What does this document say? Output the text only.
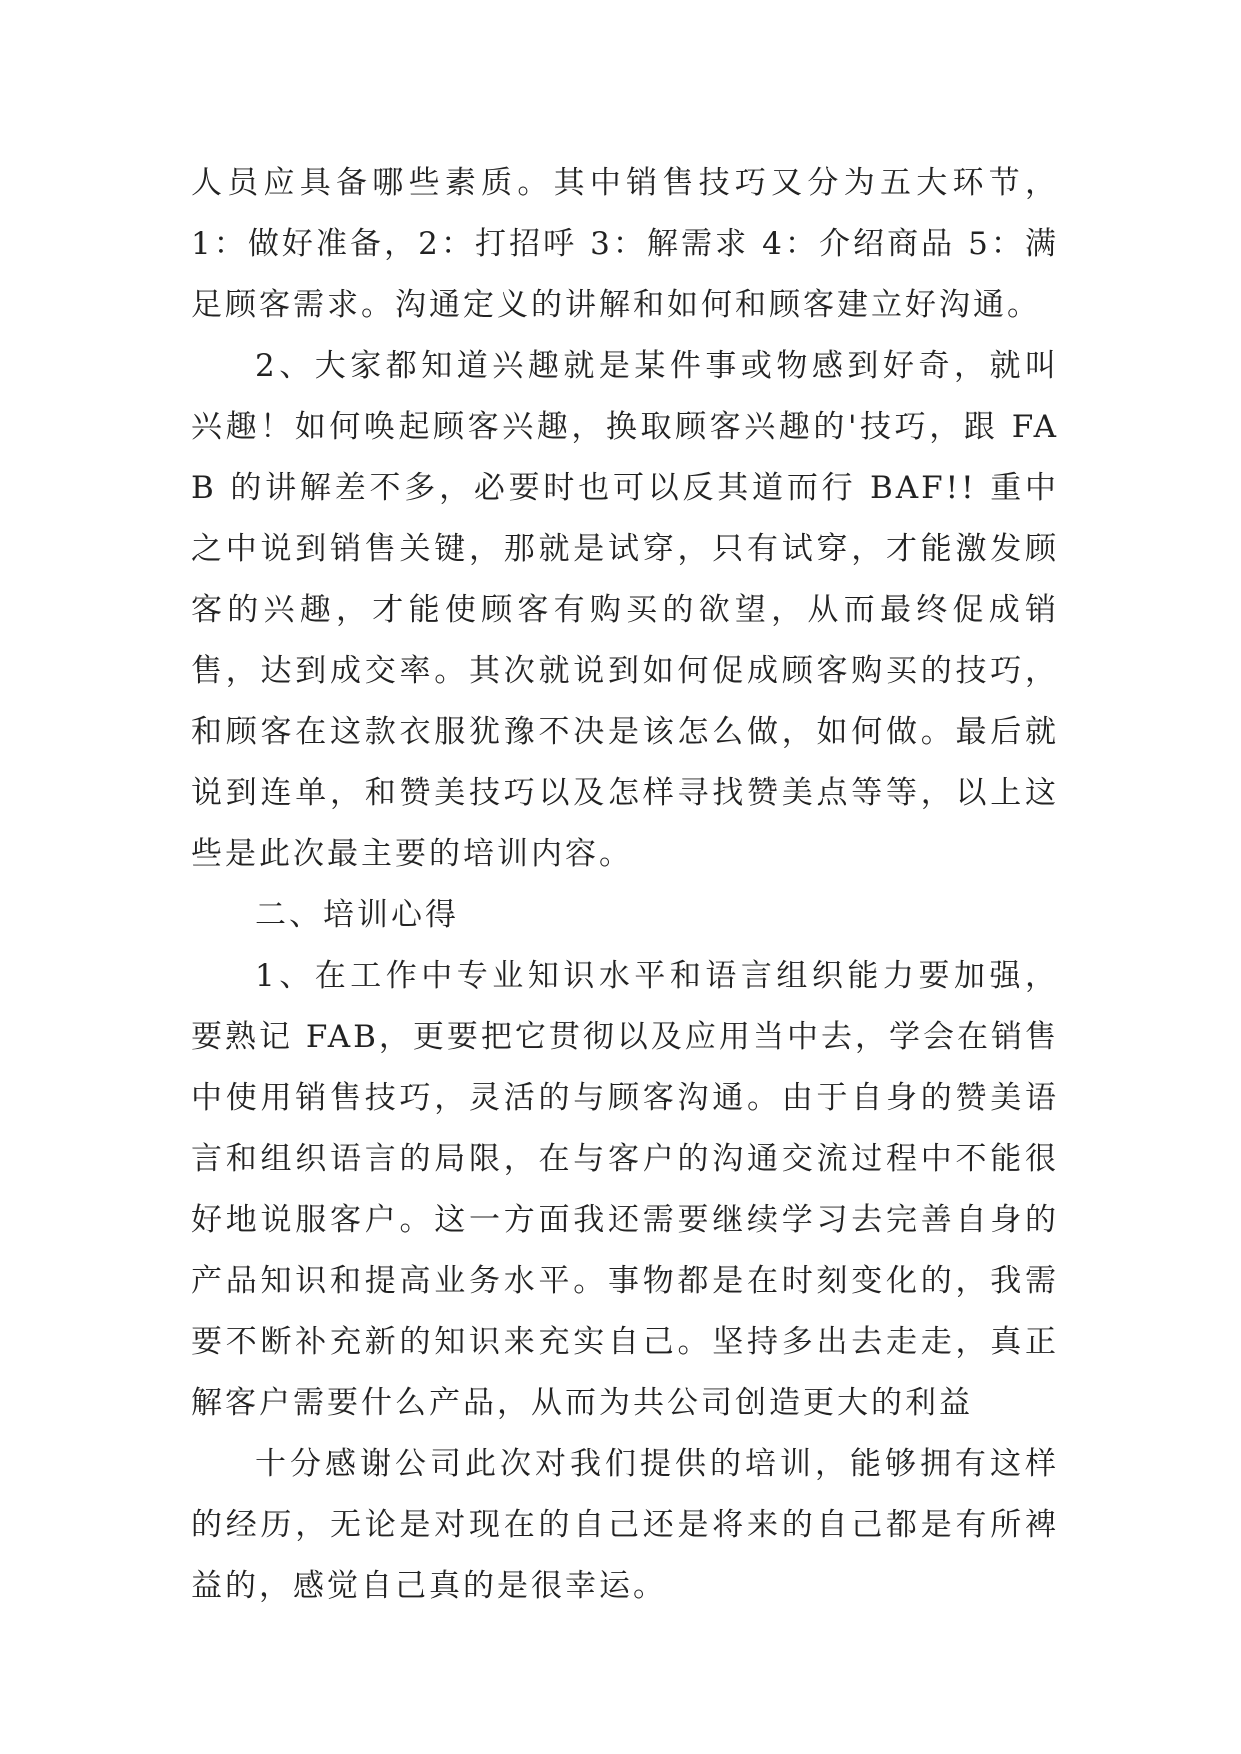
人员应具备哪些素质。其中销售技巧又分为五大环节，1：做好准备，2：打招呼 3：解需求 4：介绍商品 5：满足顾客需求。沟通定义的讲解和如何和顾客建立好沟通。

2、大家都知道兴趣就是某件事或物感到好奇，就叫兴趣！如何唤起顾客兴趣，换取顾客兴趣的'技巧，跟 FAB 的讲解差不多，必要时也可以反其道而行 BAF!! 重中之中说到销售关键，那就是试穿，只有试穿，才能激发顾客的兴趣，才能使顾客有购买的欲望，从而最终促成销售，达到成交率。其次就说到如何促成顾客购买的技巧，和顾客在这款衣服犹豫不决是该怎么做，如何做。最后就说到连单，和赞美技巧以及怎样寻找赞美点等等，以上这些是此次最主要的培训内容。

二、培训心得

1、在工作中专业知识水平和语言组织能力要加强，要熟记 FAB，更要把它贯彻以及应用当中去，学会在销售中使用销售技巧，灵活的与顾客沟通。由于自身的赞美语言和组织语言的局限，在与客户的沟通交流过程中不能很好地说服客户。这一方面我还需要继续学习去完善自身的产品知识和提高业务水平。事物都是在时刻变化的，我需要不断补充新的知识来充实自己。坚持多出去走走，真正解客户需要什么产品，从而为共公司创造更大的利益

十分感谢公司此次对我们提供的培训，能够拥有这样的经历，无论是对现在的自己还是将来的自己都是有所裨益的，感觉自己真的是很幸运。
